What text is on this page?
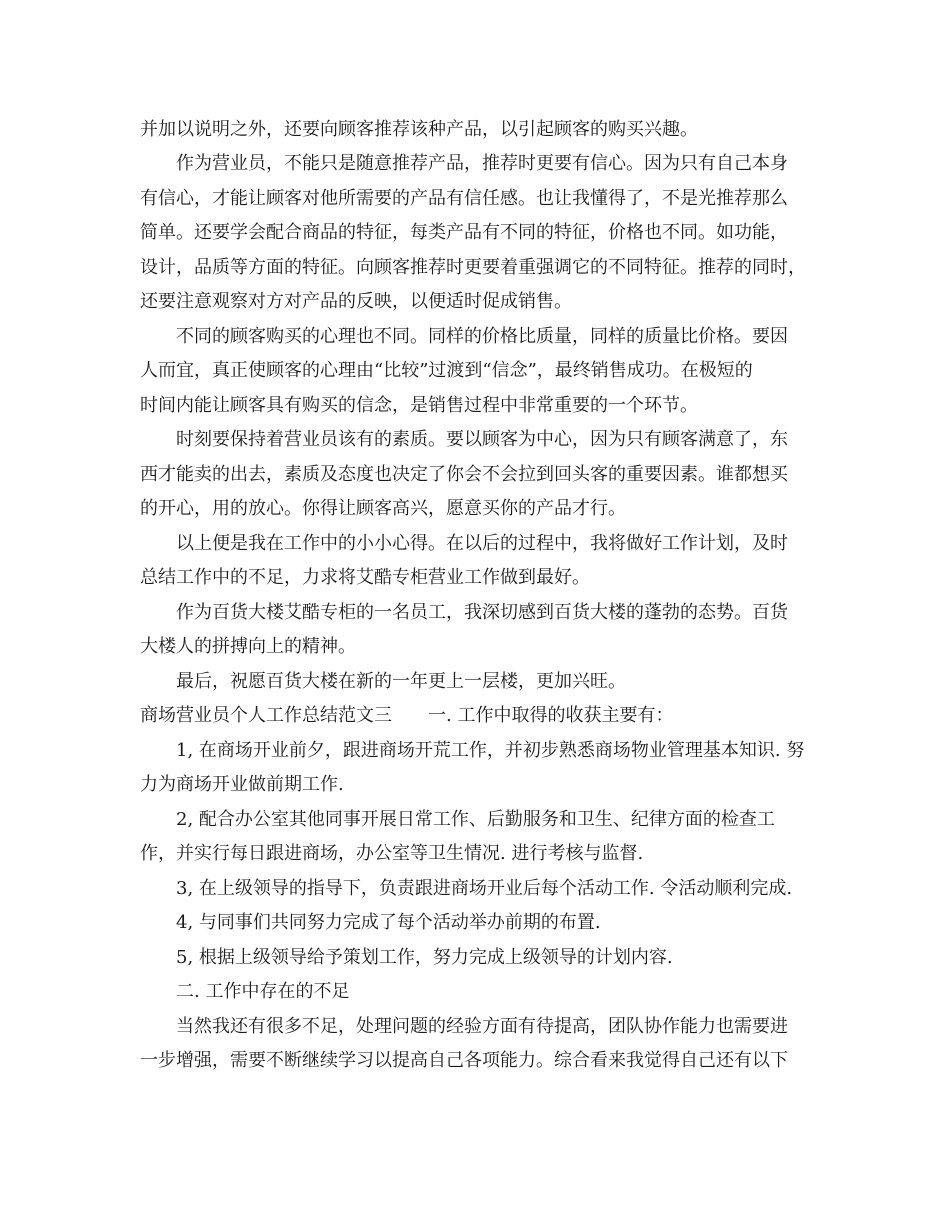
并加以说明之外，还要向顾客推荐该种产品，以引起顾客的购买兴趣。
作为营业员，不能只是随意推荐产品，推荐时更要有信心。因为只有自己本身
有信心，才能让顾客对他所需要的产品有信任感。也让我懂得了，不是光推荐那么
简单。还要学会配合商品的特征，每类产品有不同的特征，价格也不同。如功能，
设计，品质等方面的特征。向顾客推荐时更要着重强调它的不同特征。推荐的同时，
还要注意观察对方对产品的反映，以便适时促成销售。
不同的顾客购买的心理也不同。同样的价格比质量，同样的质量比价格。要因
人而宜，真正使顾客的心理由“比较”过渡到“信念”，最终销售成功。在极短的
时间内能让顾客具有购买的信念，是销售过程中非常重要的一个环节。
时刻要保持着营业员该有的素质。要以顾客为中心，因为只有顾客满意了，东
西才能卖的出去，素质及态度也决定了你会不会拉到回头客的重要因素。谁都想买
的开心，用的放心。你得让顾客高兴，愿意买你的产品才行。
以上便是我在工作中的小小心得。在以后的过程中，我将做好工作计划，及时
总结工作中的不足，力求将艾酷专柜营业工作做到最好。
作为百货大楼艾酷专柜的一名员工，我深切感到百货大楼的蓬勃的态势。百货
大楼人的拼搏向上的精神。
最后，祝愿百货大楼在新的一年更上一层楼，更加兴旺。
商场营业员个人工作总结范文三　　一. 工作中取得的收获主要有：
1, 在商场开业前夕，跟进商场开荒工作，并初步熟悉商场物业管理基本知识. 努
力为商场开业做前期工作.
2, 配合办公室其他同事开展日常工作、后勤服务和卫生、纪律方面的检查工
作，并实行每日跟进商场，办公室等卫生情况. 进行考核与监督.
3, 在上级领导的指导下，负责跟进商场开业后每个活动工作. 令活动顺利完成.
4, 与同事们共同努力完成了每个活动举办前期的布置.
5, 根据上级领导给予策划工作，努力完成上级领导的计划内容.
二. 工作中存在的不足
当然我还有很多不足，处理问题的经验方面有待提高，团队协作能力也需要进
一步增强，需要不断继续学习以提高自己各项能力。综合看来我觉得自己还有以下
